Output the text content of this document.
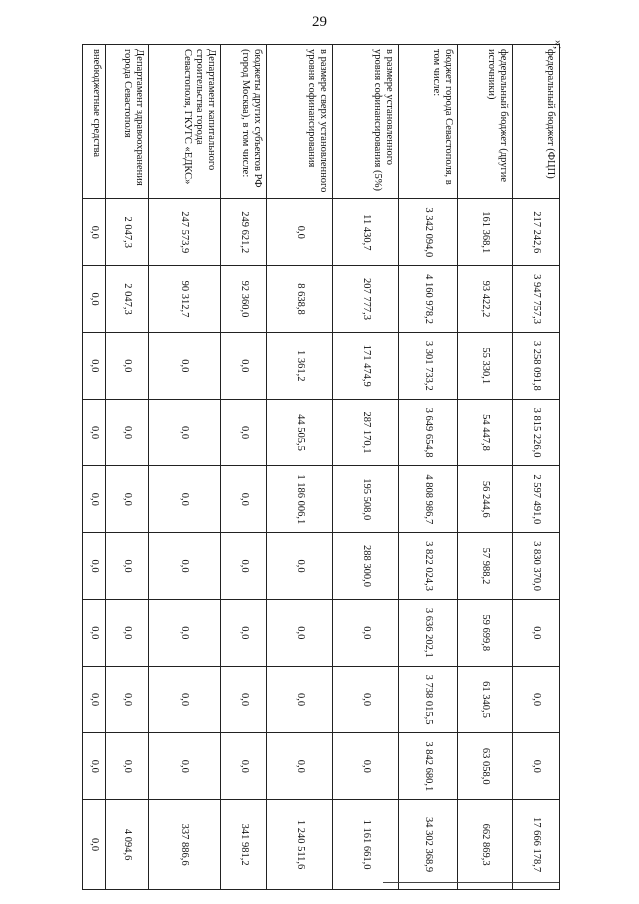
29
федеральный бюджет (ФЦП)	217 242,6	3 947 757,3	3 258 091,8	3 815 226,0	2 597 491,0	3 830 370,0	0,0	0,0	0,0	17 666 178,7
федеральный бюджет (другие источники)	161 368,1	93 422,2	55 330,1	54 447,8	56 244,6	57 988,2	59 699,8	61 340,5	63 058,0	662 869,3
бюджет города Севастополя, в том числе:	3 342 094,0	4 160 978,2	3 301 733,2	3 649 654,8	4 808 986,7	3 822 024,3	3 636 202,1	3 738 015,5	3 842 680,1	34 302 368,9
в размере установленного уровня софинансирования (5%)	11 430,7	207 777,3	171 474,9	287 170,1	195 508,0	288 300,0	0,0	0,0	0,0	1 161 661,0
в размере сверх установленного уровня софинансирования	0,0	8 638,8	1 361,2	44 505,5	1 186 006,1	0,0	0,0	0,0	0,0	1 240 511,6
бюджеты других субъектов РФ (город Москва), в том числе:	249 621,2	92 360,0	0,0	0,0	0,0	0,0	0,0	0,0	0,0	341 981,2
Департамент капитального строительства города Севастополя, ГКУГС «ЕДКС»	247 573,9	90 312,7	0,0	0,0	0,0	0,0	0,0	0,0	0,0	337 886,6
Департамент здравоохранения города Севастополя	2 047,3	2 047,3	0,0	0,0	0,0	0,0	0,0	0,0	0,0	4 094,6
внебюджетные средства	0,0	0,0	0,0	0,0	0,0	0,0	0,0	0,0	0,0	0,0
»;
